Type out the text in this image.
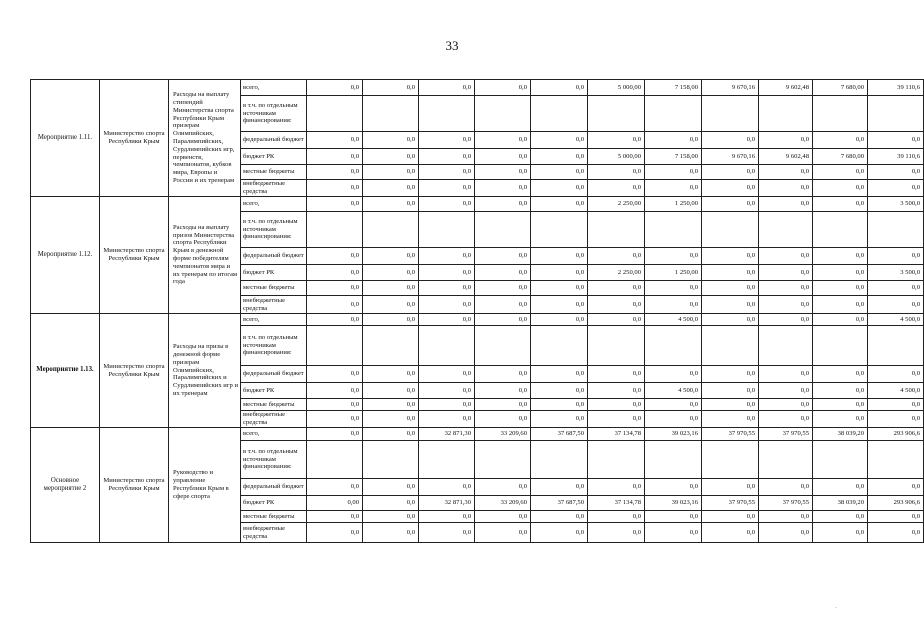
33
Мероприятие 1.11.	Министерство спорта Республики Крым	Расходы на выплату стипендий Министерства спорта Республики Крым призерам Олимпийских, Паралимпийских, Сурдлимпийских игр, первенств, чемпионатов, кубков мира, Европы и России и их тренерам	всего,	0,0	0,0	0,0	0,0	0,0	5 000,00	7 158,00	9 670,16	9 602,48	7 680,00	39 110,6
			в т.ч. по отдельным источникам финансирования:											
			федеральный бюджет	0,0	0,0	0,0	0,0	0,0	0,0	0,0	0,0	0,0	0,0	0,0
			бюджет РК	0,0	0,0	0,0	0,0	0,0	5 000,00	7 158,00	9 670,16	9 602,48	7 680,00	39 110,6
			местные бюджеты	0,0	0,0	0,0	0,0	0,0	0,0	0,0	0,0	0,0	0,0	0,0
			внебюджетные средства	0,0	0,0	0,0	0,0	0,0	0,0	0,0	0,0	0,0	0,0	0,0
Мероприятие 1.12.	Министерство спорта Республики Крым	Расходы на выплату призов Министерства спорта Республики Крым в денежной форме победителям чемпионатов мира и их тренерам по итогам года	всего,	0,0	0,0	0,0	0,0	0,0	2 250,00	1 250,00	0,0	0,0	0,0	3 500,0
			в т.ч. по отдельным источникам финансирования:											
			федеральный бюджет	0,0	0,0	0,0	0,0	0,0	0,0	0,0	0,0	0,0	0,0	0,0
			бюджет РК	0,0	0,0	0,0	0,0	0,0	2 250,00	1 250,00	0,0	0,0	0,0	3 500,0
			местные бюджеты	0,0	0,0	0,0	0,0	0,0	0,0	0,0	0,0	0,0	0,0	0,0
			внебюджетные средства	0,0	0,0	0,0	0,0	0,0	0,0	0,0	0,0	0,0	0,0	0,0
Мероприятие 1.13.	Министерство спорта Республики Крым	Расходы на призы в денежной форме призерам Олимпийских, Паралимпийских и Сурдлимпийских игр и их тренерам	всего,	0,0	0,0	0,0	0,0	0,0	0,0	4 500,0	0,0	0,0	0,0	4 500,0
			в т.ч. по отдельным источникам финансирования:											
			федеральный бюджет	0,0	0,0	0,0	0,0	0,0	0,0	0,0	0,0	0,0	0,0	0,0
			бюджет РК	0,0	0,0	0,0	0,0	0,0	0,0	4 500,0	0,0	0,0	0,0	4 500,0
			местные бюджеты	0,0	0,0	0,0	0,0	0,0	0,0	0,0	0,0	0,0	0,0	0,0
			внебюджетные средства	0,0	0,0	0,0	0,0	0,0	0,0	0,0	0,0	0,0	0,0	0,0
Основное мероприятие 2	Министерство спорта Республики Крым	Руководство и управление Республики Крым в сфере спорта	всего,	0,0	0,0	32 871,30	33 209,60	37 687,50	37 134,78	39 023,16	37 970,55	37 970,55	38 039,20	293 906,6
			в т.ч. по отдельным источникам финансирования:											
			федеральный бюджет	0,0	0,0	0,0	0,0	0,0	0,0	0,0	0,0	0,0	0,0	0,0
			бюджет РК	0,00	0,0	32 871,30	33 209,60	37 687,50	37 134,78	39 023,16	37 970,55	37 970,55	38 039,20	293 906,6
			местные бюджеты	0,0	0,0	0,0	0,0	0,0	0,0	0,0	0,0	0,0	0,0	0,0
			внебюджетные средства	0,0	0,0	0,0	0,0	0,0	0,0	0,0	0,0	0,0	0,0	0,0
·
